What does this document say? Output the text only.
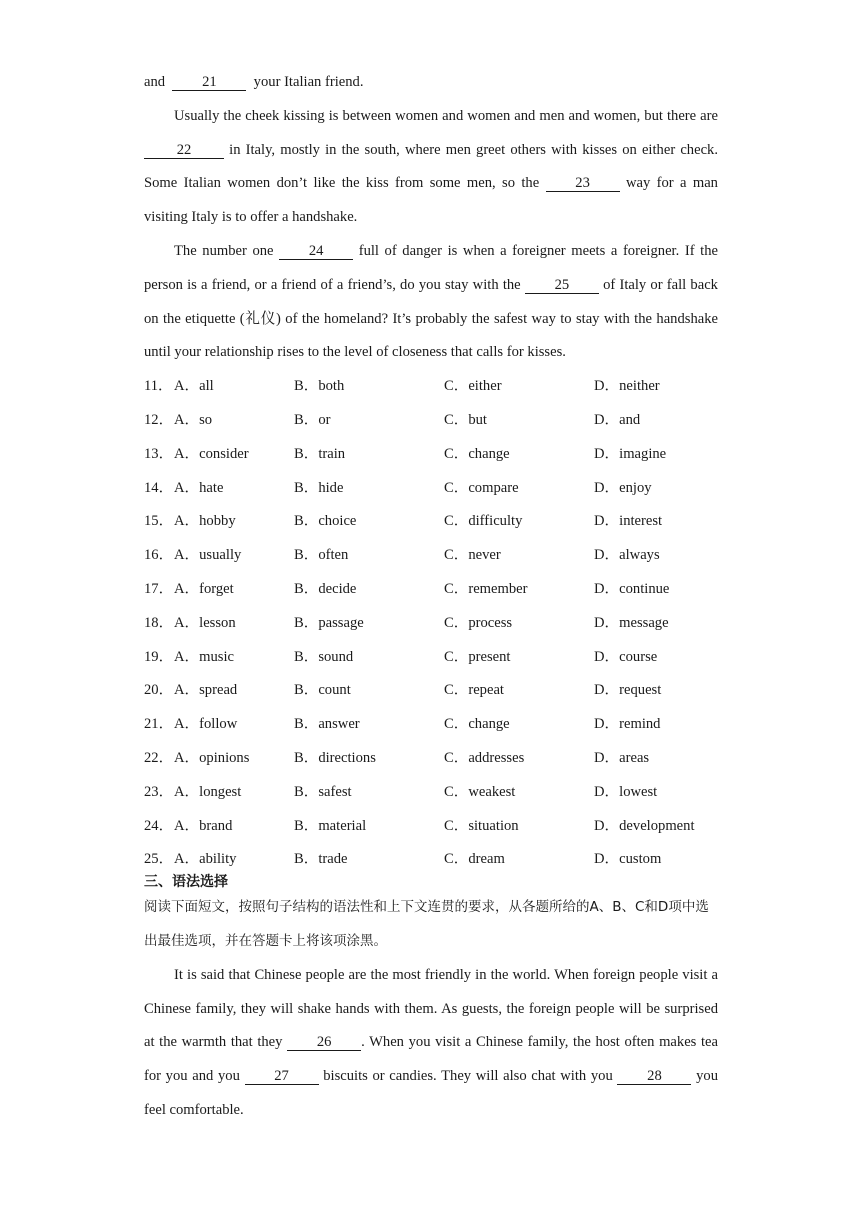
and	21	your Italian friend.

Usually the cheek kissing is between women and women and men and women, but there are 22	in Italy, mostly in the south, where men greet others with kisses on either check. Some Italian women don’t like the kiss from some men, so the 23 way for a man visiting Italy is to offer a handshake.

The number one 24 full of danger is when a foreigner meets a foreigner. If the person is a friend, or a friend of a friend’s, do you stay with the 25 of Italy or fall back on the etiquette (礼仪) of the homeland? It’s probably the safest way to stay with the handshake until your relationship rises to the level of closeness that calls for kisses.

11． A．all	B．both	C．either	D．neither
12． A．so	B．or	C．but	D．and
13． A．consider	B．train	C．change	D．imagine
14． A．hate	B．hide	C．compare	D．enjoy
15． A．hobby	B．choice	C．difficulty	D．interest
16． A．usually	B．often	C．never	D．always
17． A．forget	B．decide	C．remember	D．continue
18． A．lesson	B．passage	C．process	D．message
19． A．music	B．sound	C．present	D．course
20． A．spread	B．count	C．repeat	D．request
21． A．follow	B．answer	C．change	D．remind
22． A．opinions	B．directions	C．addresses	D．areas
23． A．longest	B．safest	C．weakest	D．lowest
24． A．brand	B．material	C．situation	D．development
25． A．ability	B．trade	C．dream	D．custom
三、语法选择

阅读下面短文，按照句子结构的语法性和上下文连贯的要求，从各题所给的A、B、C和D项中选出最佳选项，并在答题卡上将该项涂黑。

It is said that Chinese people are the most friendly in the world. When foreign people visit a Chinese family, they will shake hands with them. As guests, the foreign people will be surprised at the warmth that they 26 . When you visit a Chinese family, the host often makes tea for you and you 27 biscuits or candies. They will also chat with you 28 you feel comfortable.
